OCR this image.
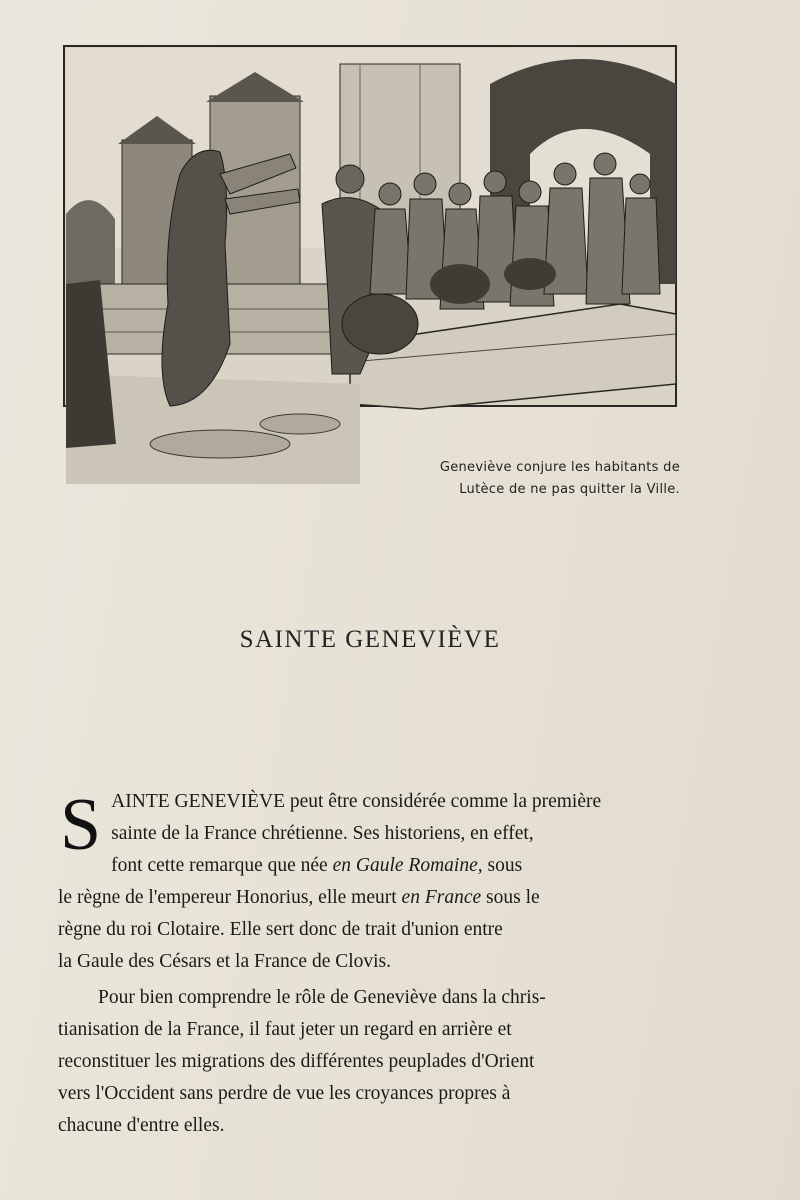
Geneviève conjure les habitants de
Lutèce de ne pas quitter la Ville.
SAINTE GENEVIÈVE
S AINTE GENEVIÈVE peut être considérée comme la première
sainte de la France chrétienne. Ses historiens, en effet,
font cette remarque que née en Gaule Romaine, sous
le règne de l'empereur Honorius, elle meurt en France sous le
règne du roi Clotaire. Elle sert donc de trait d'union entre
la Gaule des Césars et la France de Clovis.
Pour bien comprendre le rôle de Geneviève dans la chris-
tianisation de la France, il faut jeter un regard en arrière et
reconstituer les migrations des différentes peuplades d'Orient
vers l'Occident sans perdre de vue les croyances propres à
chacune d'entre elles.
